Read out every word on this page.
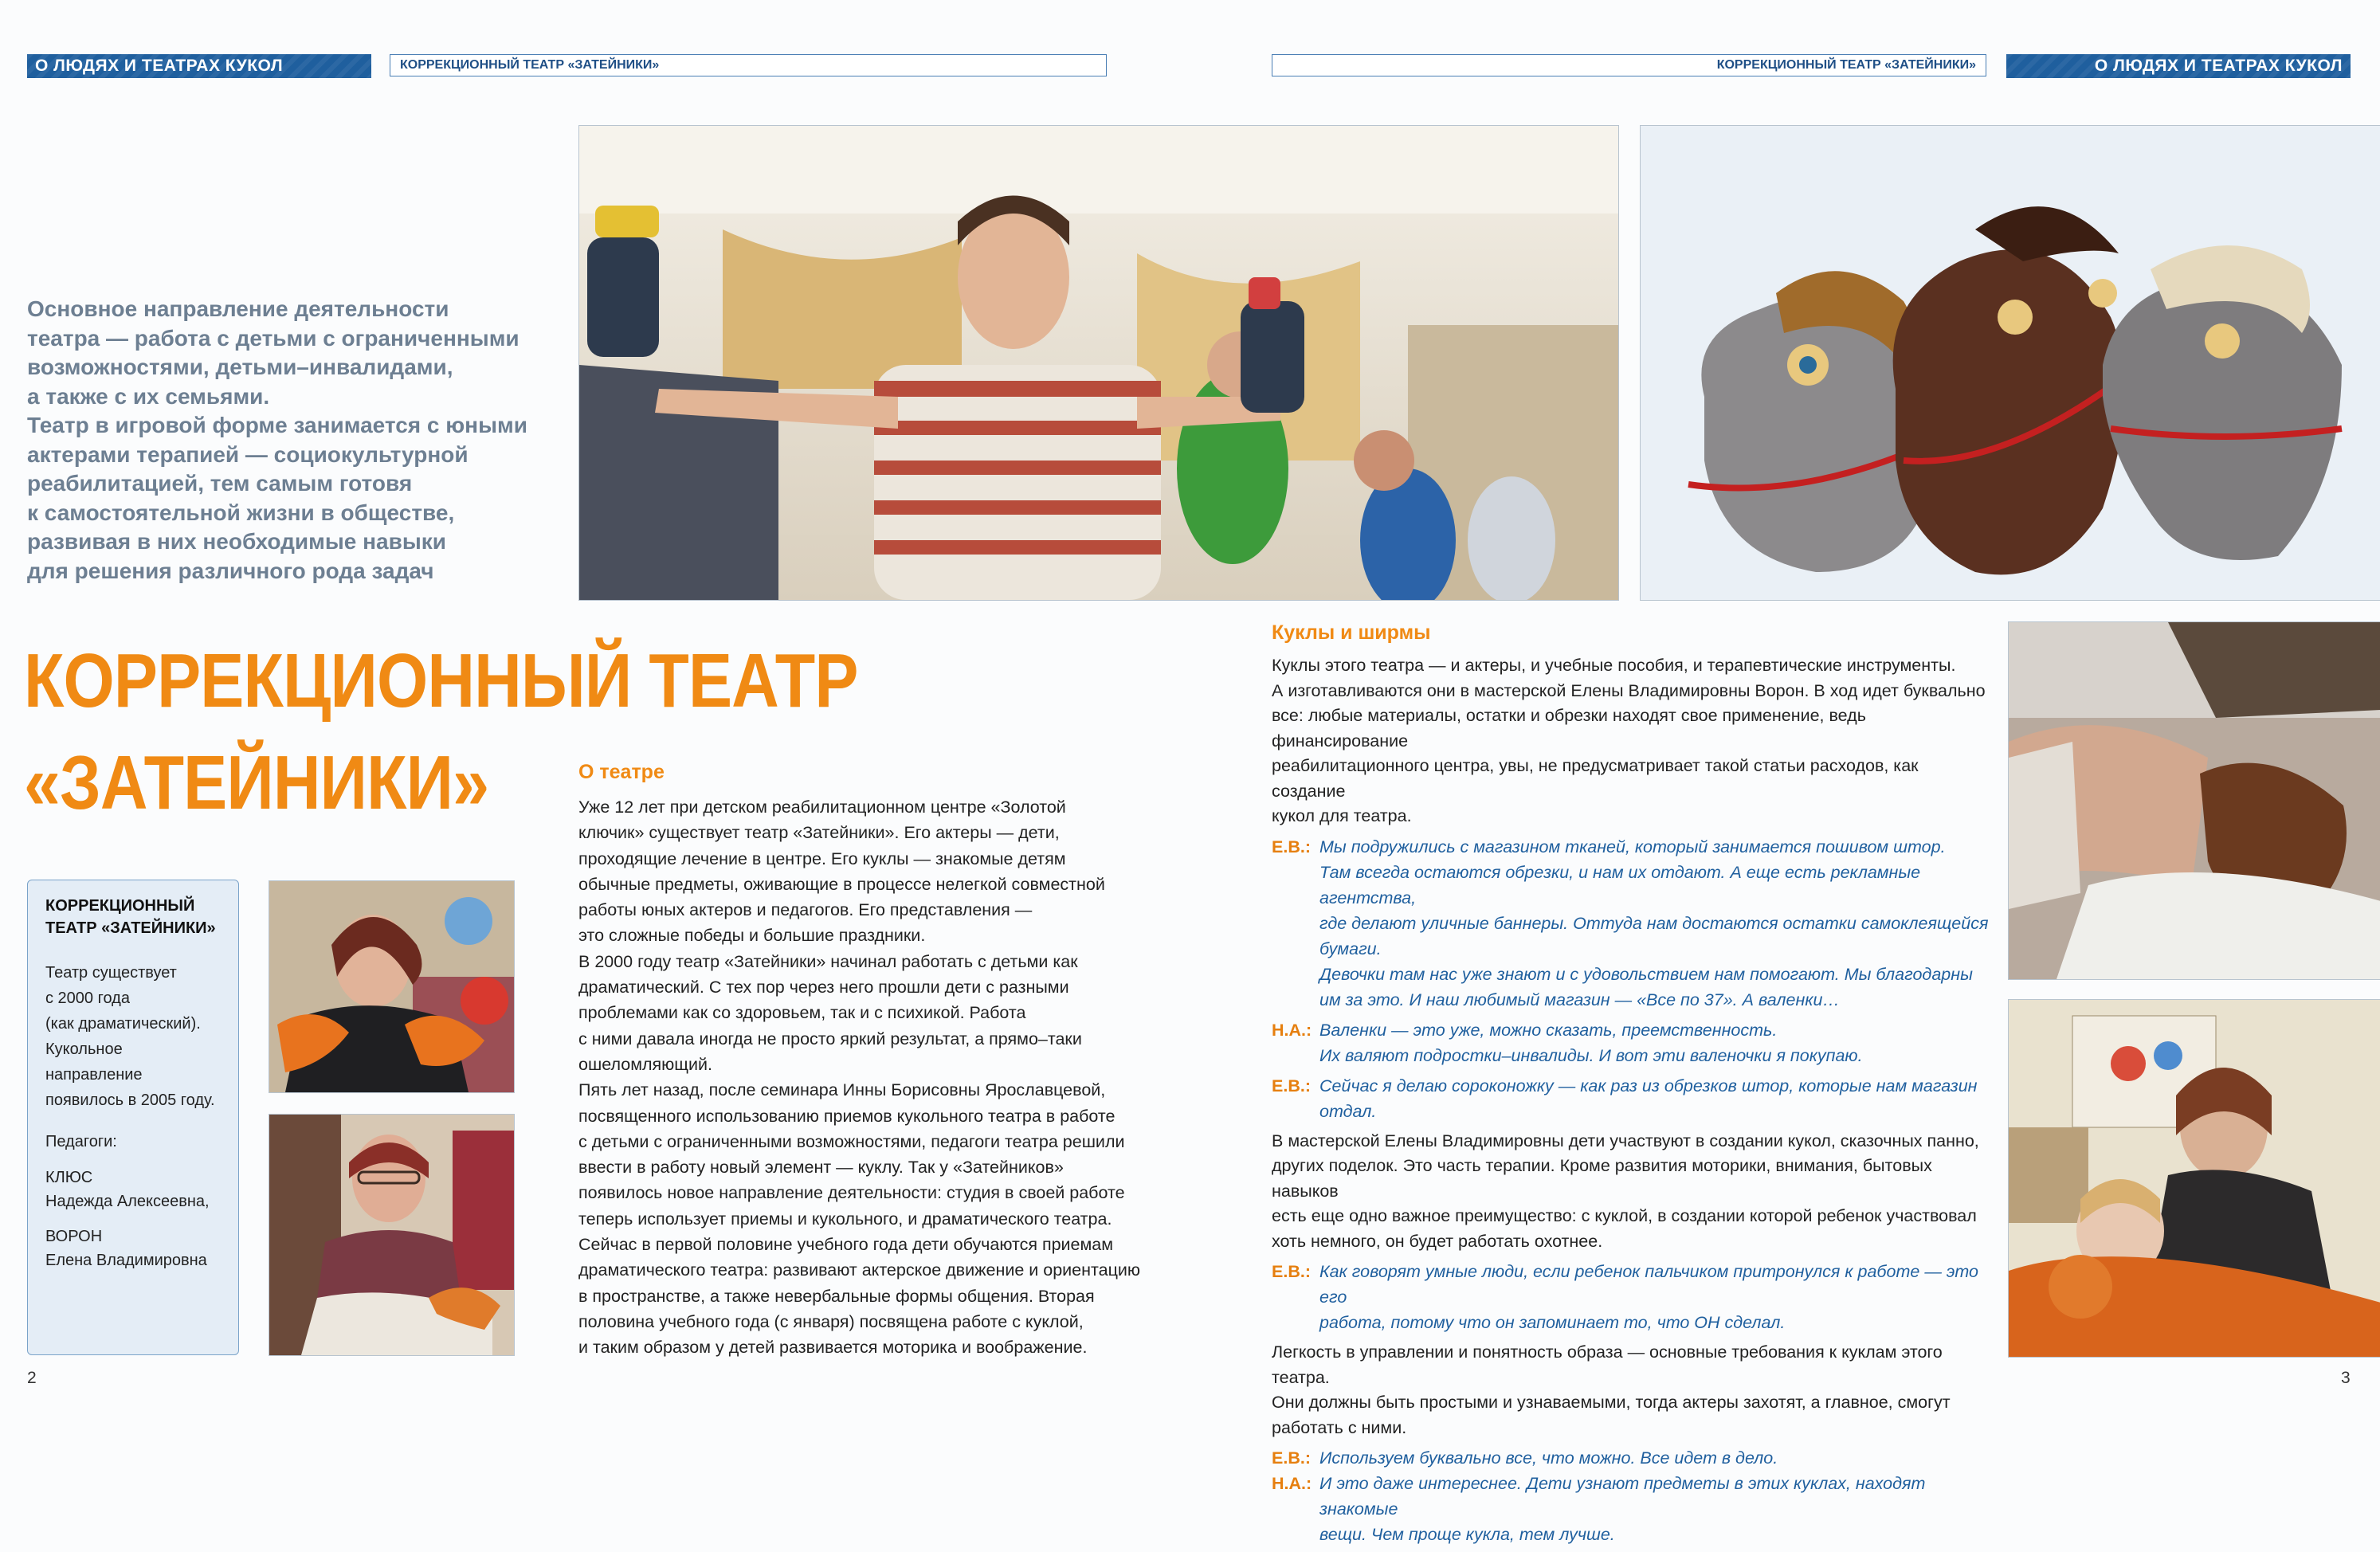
О ЛЮДЯХ И ТЕАТРАХ КУКОЛ	КОРРЕКЦИОННЫЙ ТЕАТР «ЗАТЕЙНИКИ»	КОРРЕКЦИОННЫЙ ТЕАТР «ЗАТЕЙНИКИ»	О ЛЮДЯХ И ТЕАТРАХ КУКОЛ
Основное направление деятельности
театра — работа с детьми с ограниченными
возможностями, детьми–инвалидами,
а также с их семьями.
Театр в игровой форме занимается с юными
актерами терапией — социокультурной
реабилитацией, тем самым готовя
к самостоятельной жизни в обществе,
развивая в них необходимые навыки
для решения различного рода задач
КОРРЕКЦИОННЫЙ ТЕАТР
«ЗАТЕЙНИКИ»
КОРРЕКЦИОННЫЙ
ТЕАТР «ЗАТЕЙНИКИ»
Театр существует
с 2000 года
(как драматический).
Кукольное
направление
появилось в 2005 году.
Педагоги:
КЛЮС
Надежда Алексеевна,
ВОРОН
Елена Владимировна
О театре
Уже 12 лет при детском реабилитационном центре «Золотой
ключик» существует театр «Затейники». Его актеры — дети,
проходящие лечение в центре. Его куклы — знакомые детям
обычные предметы, оживающие в процессе нелегкой совместной
работы юных актеров и педагогов. Его представления —
это сложные победы и большие праздники.
В 2000 году театр «Затейники» начинал работать с детьми как
драматический. С тех пор через него прошли дети с разными
проблемами как со здоровьем, так и с психикой. Работа
с ними давала иногда не просто яркий результат, а прямо–таки
ошеломляющий.
Пять лет назад, после семинара Инны Борисовны Ярославцевой,
посвященного использованию приемов кукольного театра в работе
с детьми с ограниченными возможностями, педагоги театра решили
ввести в работу новый элемент — куклу. Так у «Затейников»
появилось новое направление деятельности: студия в своей работе
теперь использует приемы и кукольного, и драматического театра.
Сейчас в первой половине учебного года дети обучаются приемам
драматического театра: развивают актерское движение и ориентацию
в пространстве, а также невербальные формы общения. Вторая
половина учебного года (с января) посвящена работе с куклой,
и таким образом у детей развивается моторика и воображение.
Куклы и ширмы
Куклы этого театра — и актеры, и учебные пособия, и терапевтические инструменты.
А изготавливаются они в мастерской Елены Владимировны Ворон. В ход идет буквально
все: любые материалы, остатки и обрезки находят свое применение, ведь финансирование
реабилитационного центра, увы, не предусматривает такой статьи расходов, как создание
кукол для театра.
Е.В.: Мы подружились с магазином тканей, который занимается пошивом штор.
Там всегда остаются обрезки, и нам их отдают. А еще есть рекламные агентства,
где делают уличные баннеры. Оттуда нам достаются остатки самоклеящейся бумаги.
Девочки там нас уже знают и с удовольствием нам помогают. Мы благодарны
им за это. И наш любимый магазин — «Все по 37». А валенки…
Н.А.: Валенки — это уже, можно сказать, преемственность.
Их валяют подростки–инвалиды. И вот эти валеночки я покупаю.
Е.В.: Сейчас я делаю сороконожку — как раз из обрезков штор, которые нам магазин
отдал.
В мастерской Елены Владимировны дети участвуют в создании кукол, сказочных панно,
других поделок. Это часть терапии. Кроме развития моторики, внимания, бытовых навыков
есть еще одно важное преимущество: с куклой, в создании которой ребенок участвовал
хоть немного, он будет работать охотнее.
Е.В.: Как говорят умные люди, если ребенок пальчиком притронулся к работе — это его
работа, потому что он запоминает то, что ОН сделал.
Легкость в управлении и понятность образа — основные требования к куклам этого театра.
Они должны быть простыми и узнаваемыми, тогда актеры захотят, а главное, смогут
работать с ними.
Е.В.: Используем буквально все, что можно. Все идет в дело.
Н.А.: И это даже интереснее. Дети узнают предметы в этих куклах, находят знакомые
вещи. Чем проще кукла, тем лучше.
2	3
